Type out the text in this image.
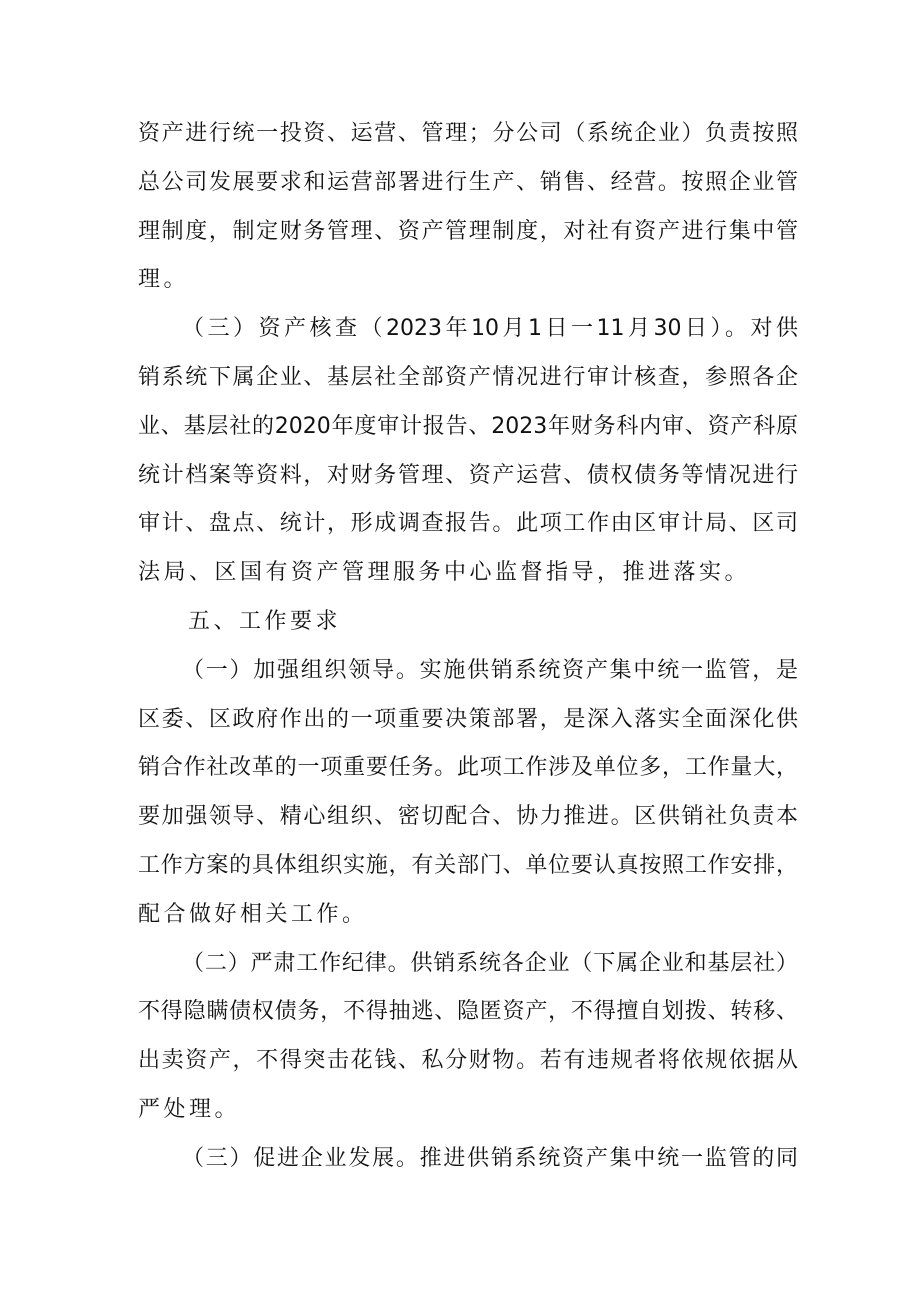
资产进行统一投资、运营、管理；分公司（系统企业）负责按照
总公司发展要求和运营部署进行生产、销售、经营。按照企业管
理制度，制定财务管理、资产管理制度，对社有资产进行集中管
理。
（三）资产核查（2023年10月1日一11月30日）。对供
销系统下属企业、基层社全部资产情况进行审计核查，参照各企
业、基层社的2020年度审计报告、2023年财务科内审、资产科原
统计档案等资料，对财务管理、资产运营、债权债务等情况进行
审计、盘点、统计，形成调查报告。此项工作由区审计局、区司
法局、区国有资产管理服务中心监督指导，推进落实。
五、工作要求
（一）加强组织领导。实施供销系统资产集中统一监管，是
区委、区政府作出的一项重要决策部署，是深入落实全面深化供
销合作社改革的一项重要任务。此项工作涉及单位多，工作量大，
要加强领导、精心组织、密切配合、协力推进。区供销社负责本
工作方案的具体组织实施，有关部门、单位要认真按照工作安排，
配合做好相关工作。
（二）严肃工作纪律。供销系统各企业（下属企业和基层社）
不得隐瞒债权债务，不得抽逃、隐匿资产，不得擅自划拨、转移、
出卖资产，不得突击花钱、私分财物。若有违规者将依规依据从
严处理。
（三）促进企业发展。推进供销系统资产集中统一监管的同
